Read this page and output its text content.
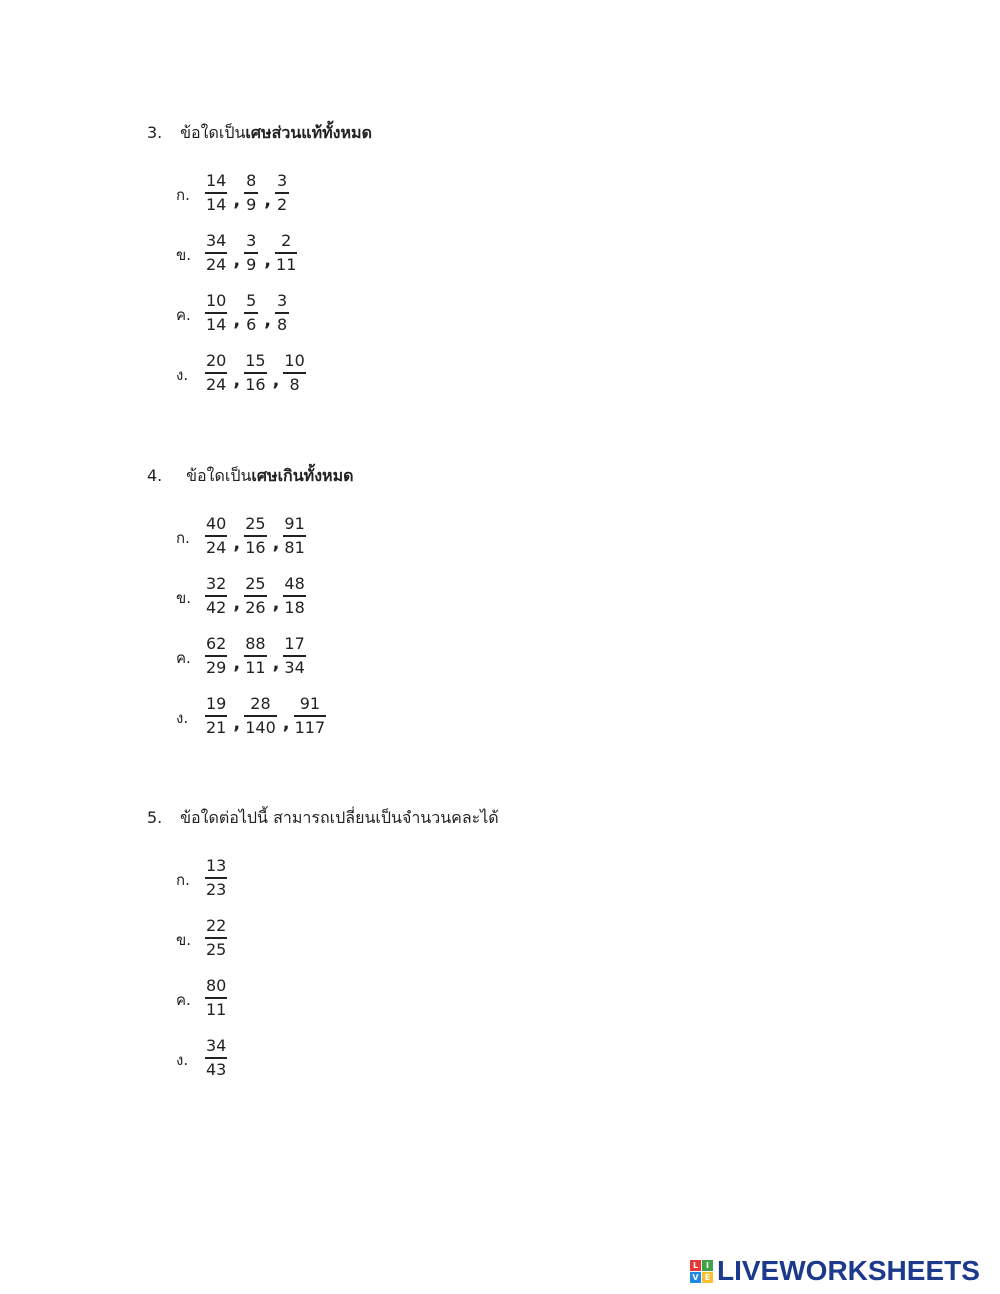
3. ข้อใดเป็นเศษส่วนแท้ทั้งหมด
ก. $\frac{14}{14}$ , $\frac{8}{9}$ , $\frac{3}{2}$
ข. $\frac{34}{24}$ , $\frac{3}{9}$ , $\frac{2}{11}$
ค. $\frac{10}{14}$ , $\frac{5}{6}$ , $\frac{3}{8}$
ง. $\frac{20}{24}$ , $\frac{15}{16}$ , $\frac{10}{8}$
4. ข้อใดเป็นเศษเกินทั้งหมด
ก. $\frac{40}{24}$ , $\frac{25}{16}$ , $\frac{91}{81}$
ข. $\frac{32}{42}$ , $\frac{25}{26}$ , $\frac{48}{18}$
ค. $\frac{62}{29}$ , $\frac{88}{11}$ , $\frac{17}{34}$
ง. $\frac{19}{21}$ , $\frac{28}{140}$ , $\frac{91}{117}$
5. ข้อใดต่อไปนี้ สามารถเปลี่ยนเป็นจำนวนคละได้
ก. $\frac{13}{23}$
ข. $\frac{22}{25}$
ค. $\frac{80}{11}$
ง. $\frac{34}{43}$
L I
V E LIVEWORKSHEETS
